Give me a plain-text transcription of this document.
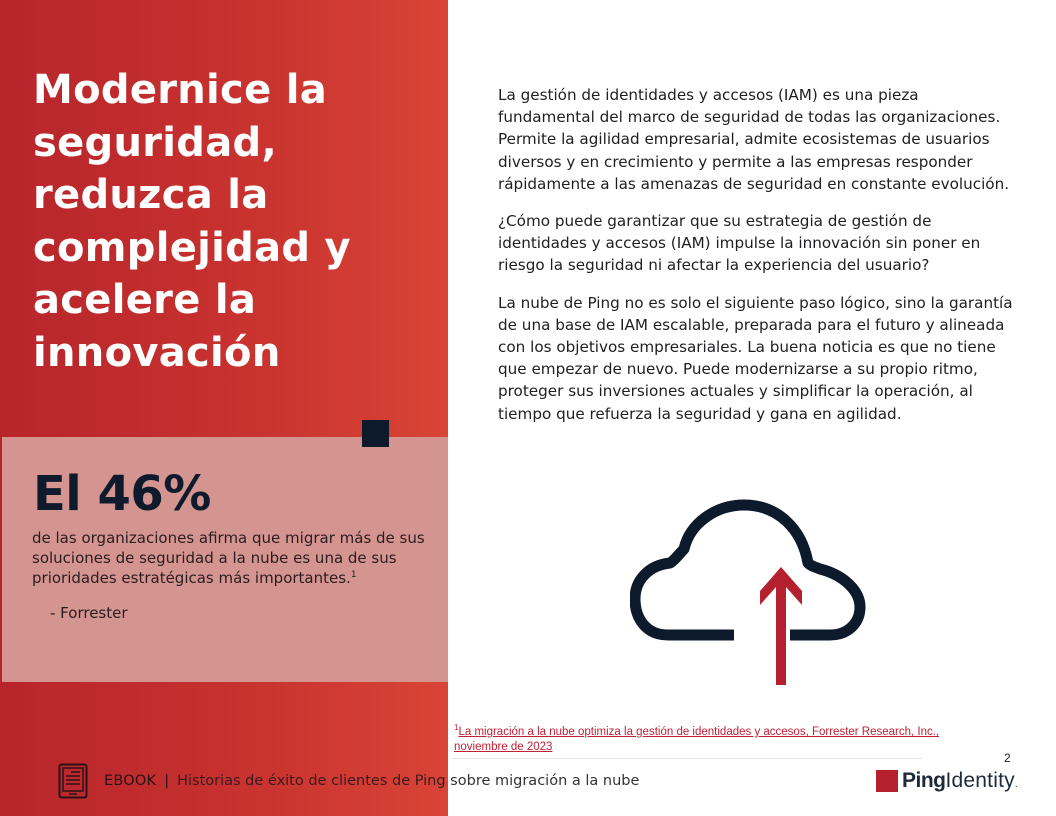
Modernice la seguridad, reduzca la complejidad y acelere la innovación
El 46%

de las organizaciones afirma que migrar más de sus soluciones de seguridad a la nube es una de sus prioridades estratégicas más importantes.$^1$

- Forrester

La gestión de identidades y accesos (IAM) es una pieza fundamental del marco de seguridad de todas las organizaciones. Permite la agilidad empresarial, admite ecosistemas de usuarios diversos y en crecimiento y permite a las empresas responder rápidamente a las amenazas de seguridad en constante evolución.

¿Cómo puede garantizar que su estrategia de gestión de identidades y accesos (IAM) impulse la innovación sin poner en riesgo la seguridad ni afectar la experiencia del usuario?

La nube de Ping no es solo el siguiente paso lógico, sino la garantía de una base de IAM escalable, preparada para el futuro y alineada con los objetivos empresariales. La buena noticia es que no tiene que empezar de nuevo. Puede modernizarse a su propio ritmo, proteger sus inversiones actuales y simplificar la operación, al tiempo que refuerza la seguridad y gana en agilidad.

$^1$La migración a la nube optimiza la gestión de identidades y accesos, Forrester Research, Inc., noviembre de 2023
2
EBOOK | Historias de éxito de clientes de Ping sobre migración a la nube	Ping Identity .
